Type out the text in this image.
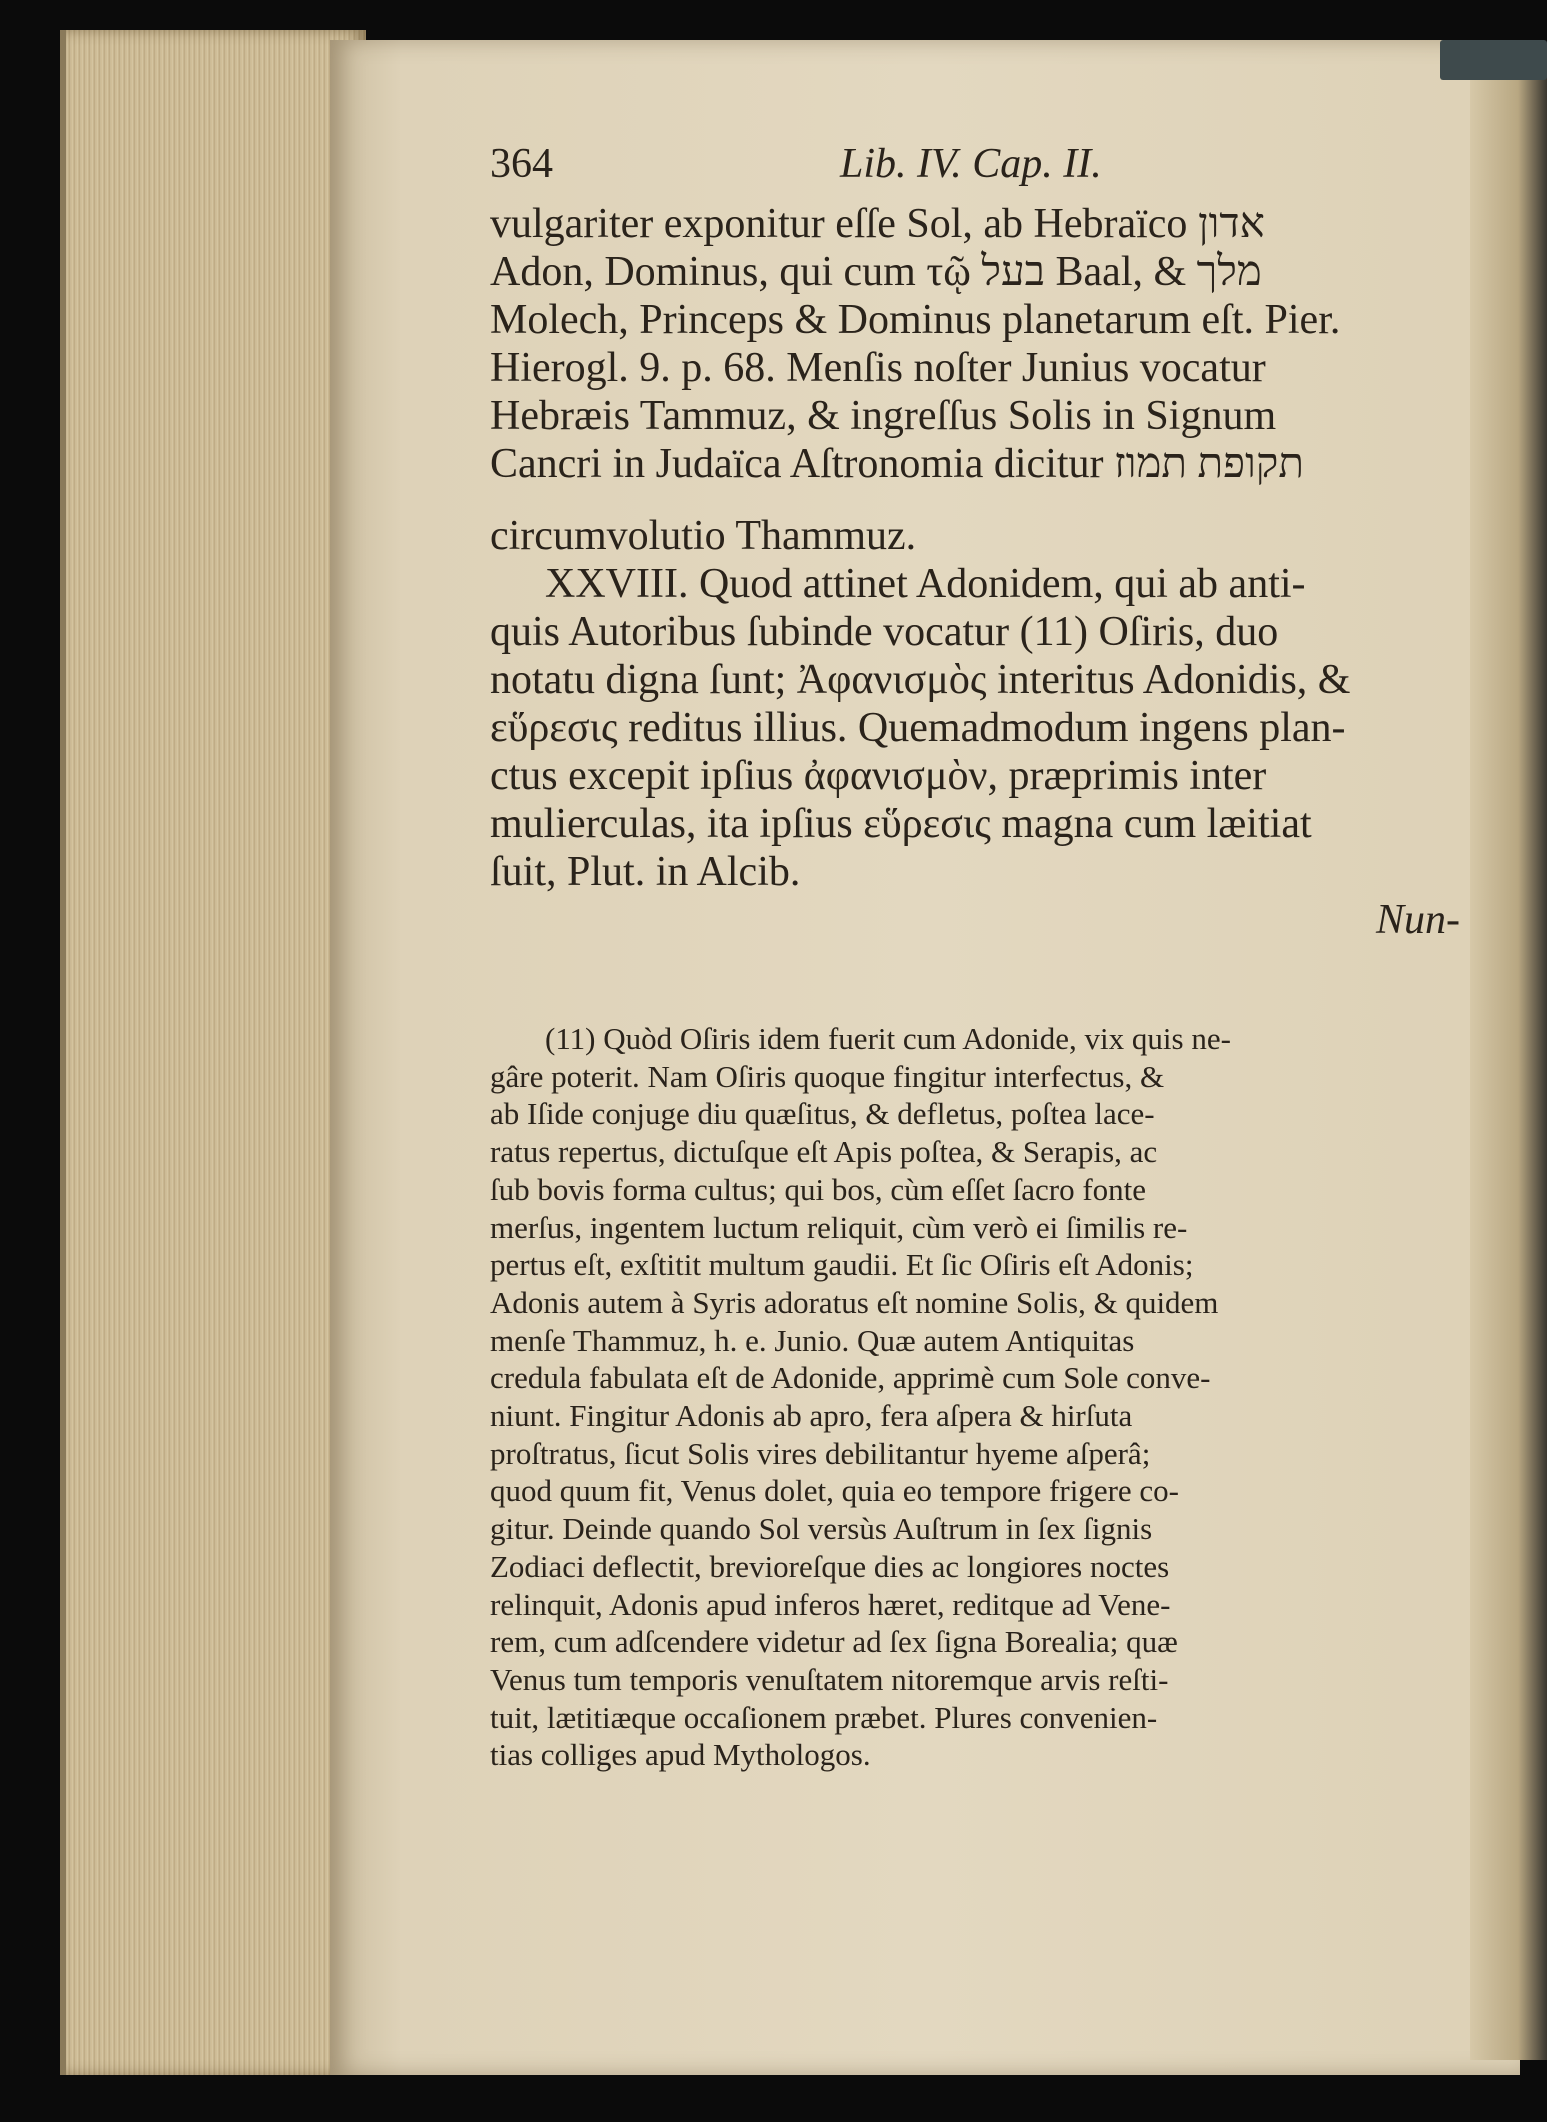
364	Lib. IV. Cap. II.
vulgariter exponitur eſſe Sol, ab Hebraïco אדון
Adon, Dominus, qui cum τῷ בעל Baal, & מלך
Molech, Princeps & Dominus planetarum eſt. Pier.
Hierogl. 9. p. 68. Menſis noſter Junius vocatur
Hebræis Tammuz, & ingreſſus Solis in Signum
Cancri in Judaïca Aſtronomia dicitur תקופת תמוז
circumvolutio Thammuz.
XXVIII. Quod attinet Adonidem, qui ab anti-
quis Autoribus ſubinde vocatur (11) Oſiris, duo
notatu digna ſunt; Ἀφανισμὸς interitus Adonidis, &
εὕρεσις reditus illius. Quemadmodum ingens plan-
ctus excepit ipſius ἀφανισμὸν, præprimis inter
mulierculas, ita ipſius εὕρεσις magna cum læitiat
ſuit, Plut. in Alcib.
Nun-
(11) Quòd Oſiris idem fuerit cum Adonide, vix quis ne-
gâre poterit. Nam Oſiris quoque fingitur interfectus, &
ab Iſide conjuge diu quæſitus, & defletus, poſtea lace-
ratus repertus, dictuſque eſt Apis poſtea, & Serapis, ac
ſub bovis forma cultus; qui bos, cùm eſſet ſacro fonte
merſus, ingentem luctum reliquit, cùm verò ei ſimilis re-
pertus eſt, exſtitit multum gaudii. Et ſic Oſiris eſt Adonis;
Adonis autem à Syris adoratus eſt nomine Solis, & quidem
menſe Thammuz, h. e. Junio. Quæ autem Antiquitas
credula fabulata eſt de Adonide, apprimè cum Sole conve-
niunt. Fingitur Adonis ab apro, fera aſpera & hirſuta
proſtratus, ſicut Solis vires debilitantur hyeme aſperâ;
quod quum fit, Venus dolet, quia eo tempore frigere co-
gitur. Deinde quando Sol versùs Auſtrum in ſex ſignis
Zodiaci deflectit, brevioreſque dies ac longiores noctes
relinquit, Adonis apud inferos hæret, reditque ad Vene-
rem, cum adſcendere videtur ad ſex ſigna Borealia; quæ
Venus tum temporis venuſtatem nitoremque arvis reſti-
tuit, lætitiæque occaſionem præbet. Plures convenien-
tias colliges apud Mythologos.
